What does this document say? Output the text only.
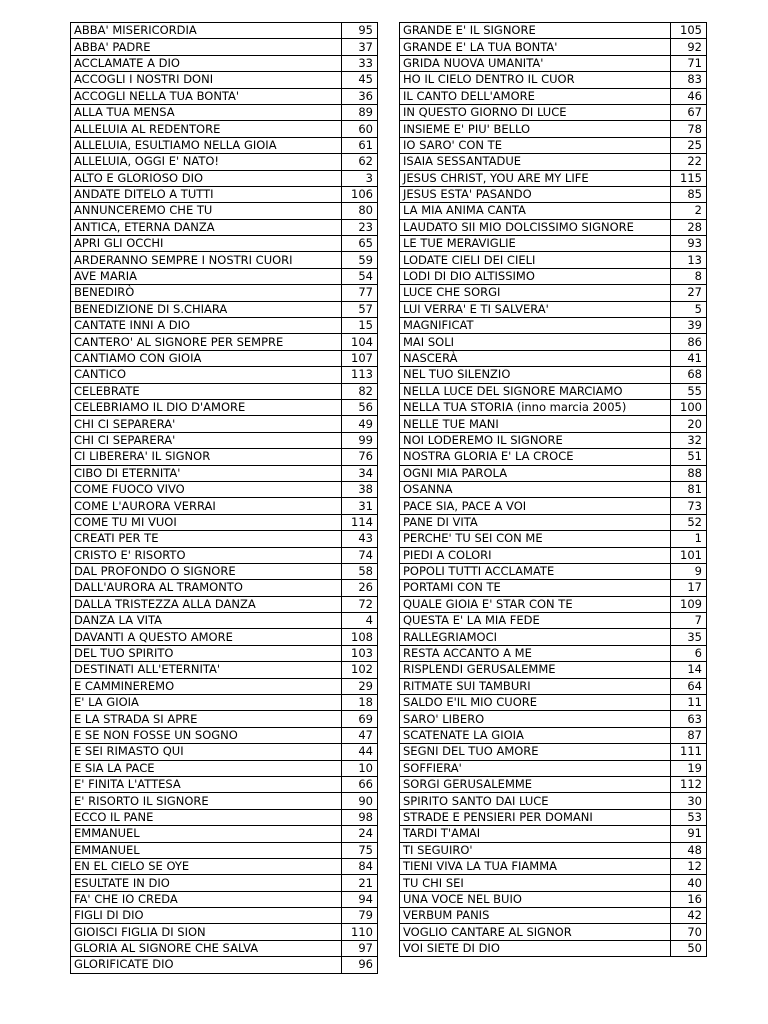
ABBA' MISERICORDIA	95
ABBA' PADRE	37
ACCLAMATE A DIO	33
ACCOGLI I NOSTRI DONI	45
ACCOGLI NELLA TUA BONTA'	36
ALLA TUA MENSA	89
ALLELUIA AL REDENTORE	60
ALLELUIA, ESULTIAMO NELLA GIOIA	61
ALLELUIA, OGGI E' NATO!	62
ALTO E GLORIOSO DIO	3
ANDATE DITELO A TUTTI	106
ANNUNCEREMO CHE TU	80
ANTICA, ETERNA DANZA	23
APRI GLI OCCHI	65
ARDERANNO SEMPRE I NOSTRI CUORI	59
AVE MARIA	54
BENEDIRÒ	77
BENEDIZIONE DI S.CHIARA	57
CANTATE INNI A DIO	15
CANTERO' AL SIGNORE PER SEMPRE	104
CANTIAMO CON GIOIA	107
CANTICO	113
CELEBRATE	82
CELEBRIAMO IL DIO D'AMORE	56
CHI CI SEPARERA'	49
CHI CI SEPARERA'	99
CI LIBERERA' IL SIGNOR	76
CIBO DI ETERNITA'	34
COME FUOCO VIVO	38
COME L'AURORA VERRAI	31
COME TU MI VUOI	114
CREATI PER TE	43
CRISTO E' RISORTO	74
DAL PROFONDO O SIGNORE	58
DALL'AURORA AL TRAMONTO	26
DALLA TRISTEZZA ALLA DANZA	72
DANZA LA VITA	4
DAVANTI A QUESTO AMORE	108
DEL TUO SPIRITO	103
DESTINATI ALL'ETERNITA'	102
E CAMMINEREMO	29
E' LA GIOIA	18
E LA STRADA SI APRE	69
E SE NON FOSSE UN SOGNO	47
E SEI RIMASTO QUI	44
E SIA LA PACE	10
E' FINITA L'ATTESA	66
E' RISORTO IL SIGNORE	90
ECCO IL PANE	98
EMMANUEL	24
EMMANUEL	75
EN EL CIELO SE OYE	84
ESULTATE IN DIO	21
FA' CHE IO CREDA	94
FIGLI DI DIO	79
GIOISCI FIGLIA DI SION	110
GLORIA AL SIGNORE CHE SALVA	97
GLORIFICATE DIO	96
GRANDE E' IL SIGNORE	105
GRANDE E' LA TUA BONTA'	92
GRIDA NUOVA UMANITA'	71
HO IL CIELO DENTRO IL CUOR	83
IL CANTO DELL'AMORE	46
IN QUESTO GIORNO DI LUCE	67
INSIEME E' PIU' BELLO	78
IO SARO' CON TE	25
ISAIA SESSANTADUE	22
JESUS CHRIST, YOU ARE MY LIFE	115
JESUS ESTA' PASANDO	85
LA MIA ANIMA CANTA	2
LAUDATO SII MIO DOLCISSIMO SIGNORE	28
LE TUE MERAVIGLIE	93
LODATE CIELI DEI CIELI	13
LODI DI DIO ALTISSIMO	8
LUCE CHE SORGI	27
LUI VERRA' E TI SALVERA'	5
MAGNIFICAT	39
MAI SOLI	86
NASCERÀ	41
NEL TUO SILENZIO	68
NELLA LUCE DEL SIGNORE MARCIAMO	55
NELLA TUA STORIA (inno marcia 2005)	100
NELLE TUE MANI	20
NOI LODEREMO IL SIGNORE	32
NOSTRA GLORIA E' LA CROCE	51
OGNI MIA PAROLA	88
OSANNA	81
PACE SIA, PACE A VOI	73
PANE DI VITA	52
PERCHE' TU SEI CON ME	1
PIEDI A COLORI	101
POPOLI TUTTI ACCLAMATE	9
PORTAMI CON TE	17
QUALE GIOIA E' STAR CON TE	109
QUESTA E' LA MIA FEDE	7
RALLEGRIAMOCI	35
RESTA ACCANTO A ME	6
RISPLENDI GERUSALEMME	14
RITMATE SUI TAMBURI	64
SALDO E'IL MIO CUORE	11
SARO' LIBERO	63
SCATENATE LA GIOIA	87
SEGNI DEL TUO AMORE	111
SOFFIERA'	19
SORGI GERUSALEMME	112
SPIRITO SANTO DAI LUCE	30
STRADE E PENSIERI PER DOMANI	53
TARDI T'AMAI	91
TI SEGUIRO'	48
TIENI VIVA LA TUA FIAMMA	12
TU CHI SEI	40
UNA VOCE NEL BUIO	16
VERBUM PANIS	42
VOGLIO CANTARE AL SIGNOR	70
VOI SIETE DI DIO	50
